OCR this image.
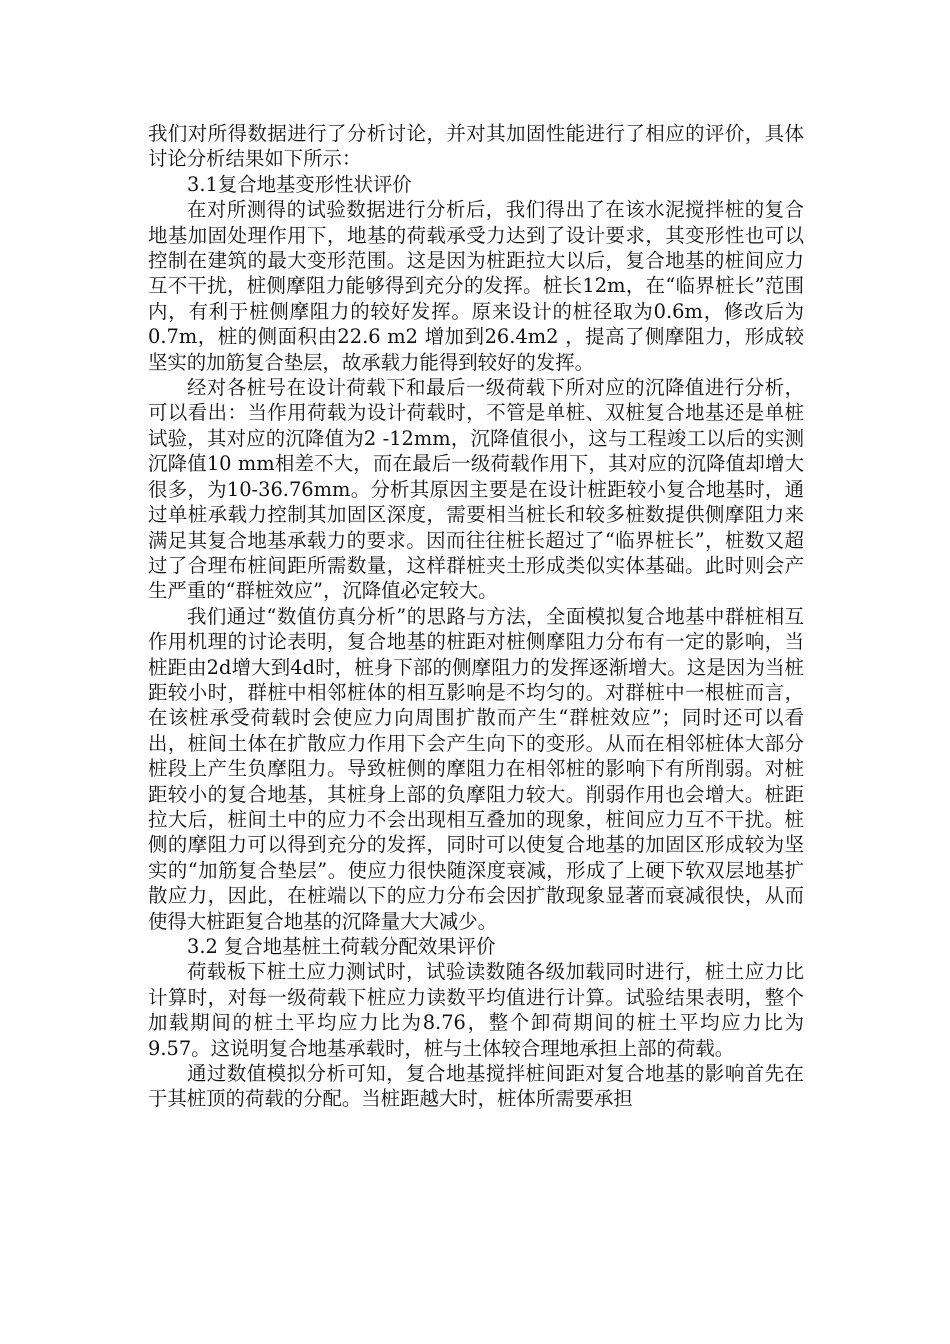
我们对所得数据进行了分析讨论，并对其加固性能进行了相应的评价，具体讨论分析结果如下所示：

3.1复合地基变形性状评价

在对所测得的试验数据进行分析后，我们得出了在该水泥搅拌桩的复合地基加固处理作用下，地基的荷载承受力达到了设计要求，其变形性也可以控制在建筑的最大变形范围。这是因为桩距拉大以后，复合地基的桩间应力互不干扰，桩侧摩阻力能够得到充分的发挥。桩长12m，在“临界桩长”范围内，有利于桩侧摩阻力的较好发挥。原来设计的桩径取为0.6m，修改后为0.7m，桩的侧面积由22.6 m2 增加到26.4m2 ，提高了侧摩阻力，形成较坚实的加筋复合垫层，故承载力能得到较好的发挥。

经对各桩号在设计荷载下和最后一级荷载下所对应的沉降值进行分析，可以看出：当作用荷载为设计荷载时，不管是单桩、双桩复合地基还是单桩试验，其对应的沉降值为2 -12mm，沉降值很小，这与工程竣工以后的实测沉降值10 mm相差不大，而在最后一级荷载作用下，其对应的沉降值却增大很多，为10-36.76mm。分析其原因主要是在设计桩距较小复合地基时，通过单桩承载力控制其加固区深度，需要相当桩长和较多桩数提供侧摩阻力来满足其复合地基承载力的要求。因而往往桩长超过了“临界桩长”，桩数又超过了合理布桩间距所需数量，这样群桩夹土形成类似实体基础。此时则会产生严重的“群桩效应”，沉降值必定较大。

我们通过“数值仿真分析”的思路与方法，全面模拟复合地基中群桩相互作用机理的讨论表明，复合地基的桩距对桩侧摩阻力分布有一定的影响，当桩距由2d增大到4d时，桩身下部的侧摩阻力的发挥逐渐增大。这是因为当桩距较小时，群桩中相邻桩体的相互影响是不均匀的。对群桩中一根桩而言，在该桩承受荷载时会使应力向周围扩散而产生“群桩效应”；同时还可以看出，桩间土体在扩散应力作用下会产生向下的变形。从而在相邻桩体大部分桩段上产生负摩阻力。导致桩侧的摩阻力在相邻桩的影响下有所削弱。对桩距较小的复合地基，其桩身上部的负摩阻力较大。削弱作用也会增大。桩距拉大后，桩间土中的应力不会出现相互叠加的现象，桩间应力互不干扰。桩侧的摩阻力可以得到充分的发挥，同时可以使复合地基的加固区形成较为坚实的“加筋复合垫层”。使应力很快随深度衰减，形成了上硬下软双层地基扩散应力，因此，在桩端以下的应力分布会因扩散现象显著而衰减很快，从而使得大桩距复合地基的沉降量大大减少。

3.2 复合地基桩土荷载分配效果评价

荷载板下桩土应力测试时，试验读数随各级加载同时进行，桩土应力比计算时，对每一级荷载下桩应力读数平均值进行计算。试验结果表明，整个加载期间的桩土平均应力比为8.76，整个卸荷期间的桩土平均应力比为9.57。这说明复合地基承载时，桩与土体较合理地承担上部的荷载。

通过数值模拟分析可知，复合地基搅拌桩间距对复合地基的影响首先在于其桩顶的荷载的分配。当桩距越大时，桩体所需要承担
